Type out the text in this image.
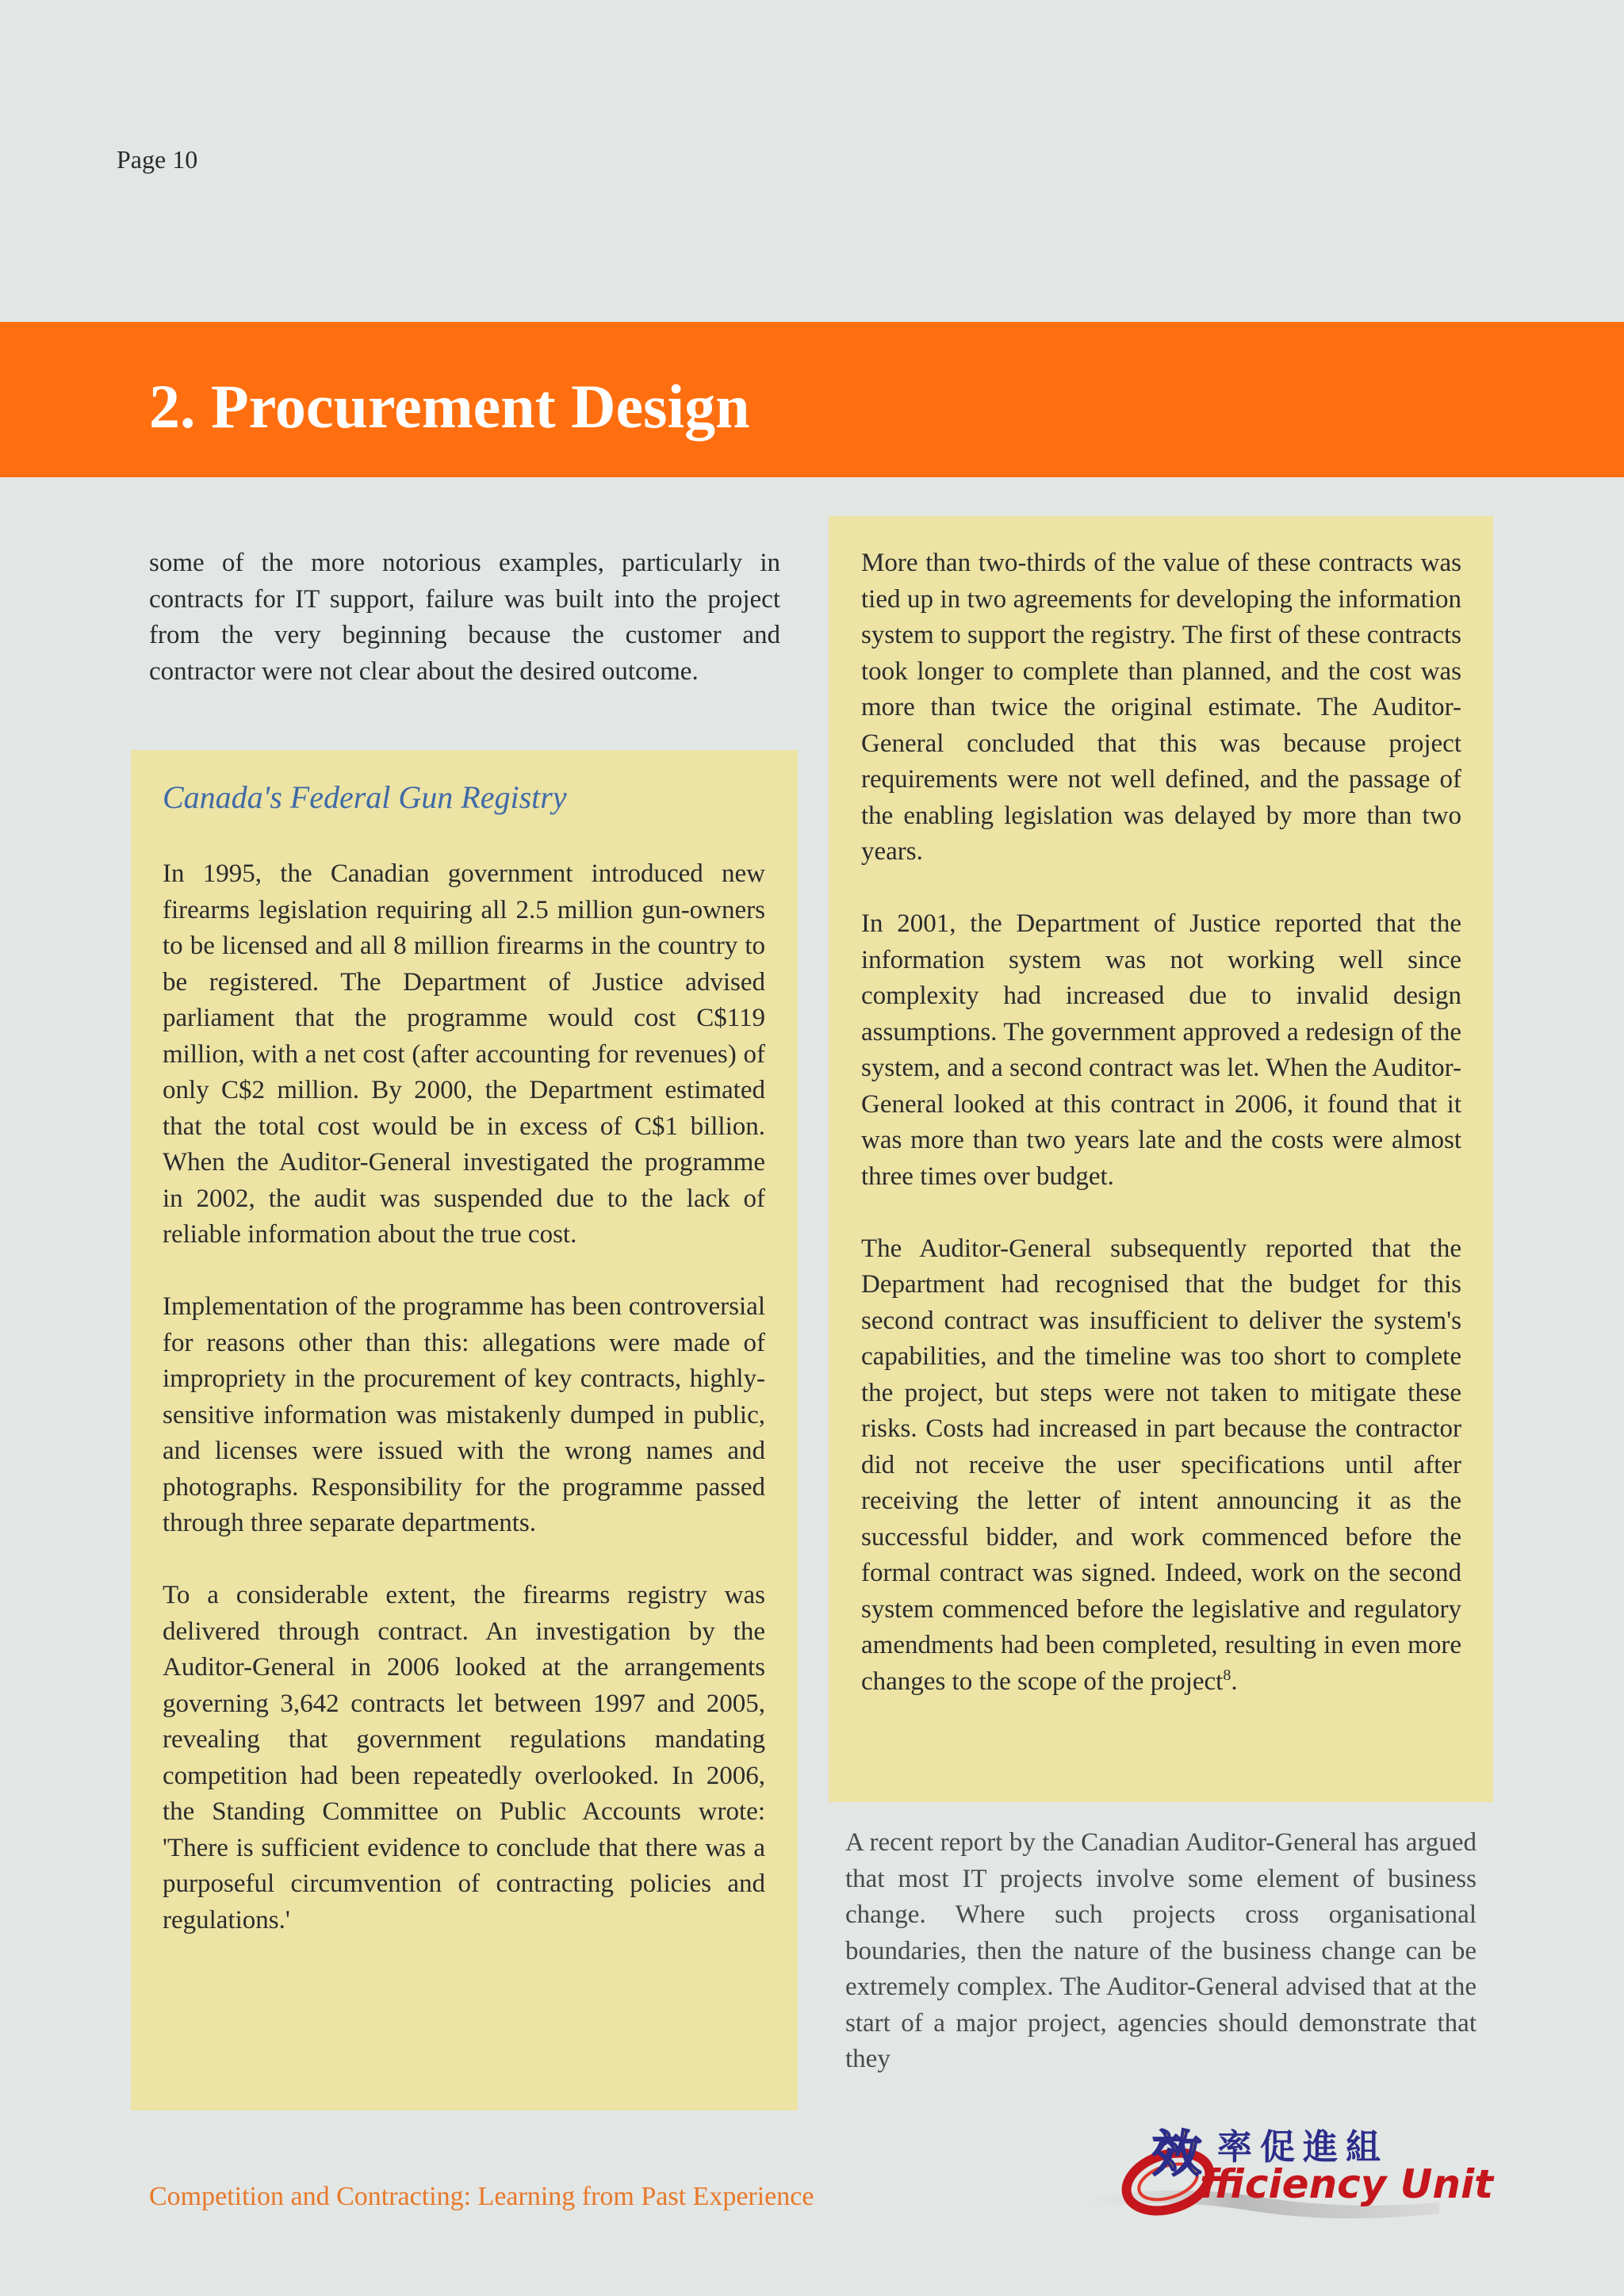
Page 10
2. Procurement Design

some of the more notorious examples, particularly in contracts for IT support, failure was built into the project from the very beginning because the customer and contractor were not clear about the desired outcome.

Canada's Federal Gun Registry

In 1995, the Canadian government introduced new firearms legislation requiring all 2.5 million gun-owners to be licensed and all 8 million firearms in the country to be registered. The Department of Justice advised parliament that the programme would cost C$119 million, with a net cost (after accounting for revenues) of only C$2 million. By 2000, the Department estimated that the total cost would be in excess of C$1 billion. When the Auditor-General investigated the programme in 2002, the audit was suspended due to the lack of reliable information about the true cost.

Implementation of the programme has been controversial for reasons other than this: allegations were made of impropriety in the procurement of key contracts, highly-sensitive information was mistakenly dumped in public, and licenses were issued with the wrong names and photographs. Responsibility for the programme passed through three separate departments.

To a considerable extent, the firearms registry was delivered through contract. An investigation by the Auditor-General in 2006 looked at the arrangements governing 3,642 contracts let between 1997 and 2005, revealing that government regulations mandating competition had been repeatedly overlooked. In 2006, the Standing Committee on Public Accounts wrote: 'There is sufficient evidence to conclude that there was a purposeful circumvention of contracting policies and regulations.'

More than two-thirds of the value of these contracts was tied up in two agreements for developing the information system to support the registry. The first of these contracts took longer to complete than planned, and the cost was more than twice the original estimate. The Auditor-General concluded that this was because project requirements were not well defined, and the passage of the enabling legislation was delayed by more than two years.

In 2001, the Department of Justice reported that the information system was not working well since complexity had increased due to invalid design assumptions. The government approved a redesign of the system, and a second contract was let. When the Auditor-General looked at this contract in 2006, it found that it was more than two years late and the costs were almost three times over budget.

The Auditor-General subsequently reported that the Department had recognised that the budget for this second contract was insufficient to deliver the system's capabilities, and the timeline was too short to complete the project, but steps were not taken to mitigate these risks. Costs had increased in part because the contractor did not receive the user specifications until after receiving the letter of intent announcing it as the successful bidder, and work commenced before the formal contract was signed. Indeed, work on the second system commenced before the legislative and regulatory amendments had been completed, resulting in even more changes to the scope of the project$^8$.

A recent report by the Canadian Auditor-General has argued that most IT projects involve some element of business change. Where such projects cross organisational boundaries, then the nature of the business change can be extremely complex. The Auditor-General advised that at the start of a major project, agencies should demonstrate that they

Competition and Contracting: Learning from Past Experience
效 率促進組
fficiency Unit
